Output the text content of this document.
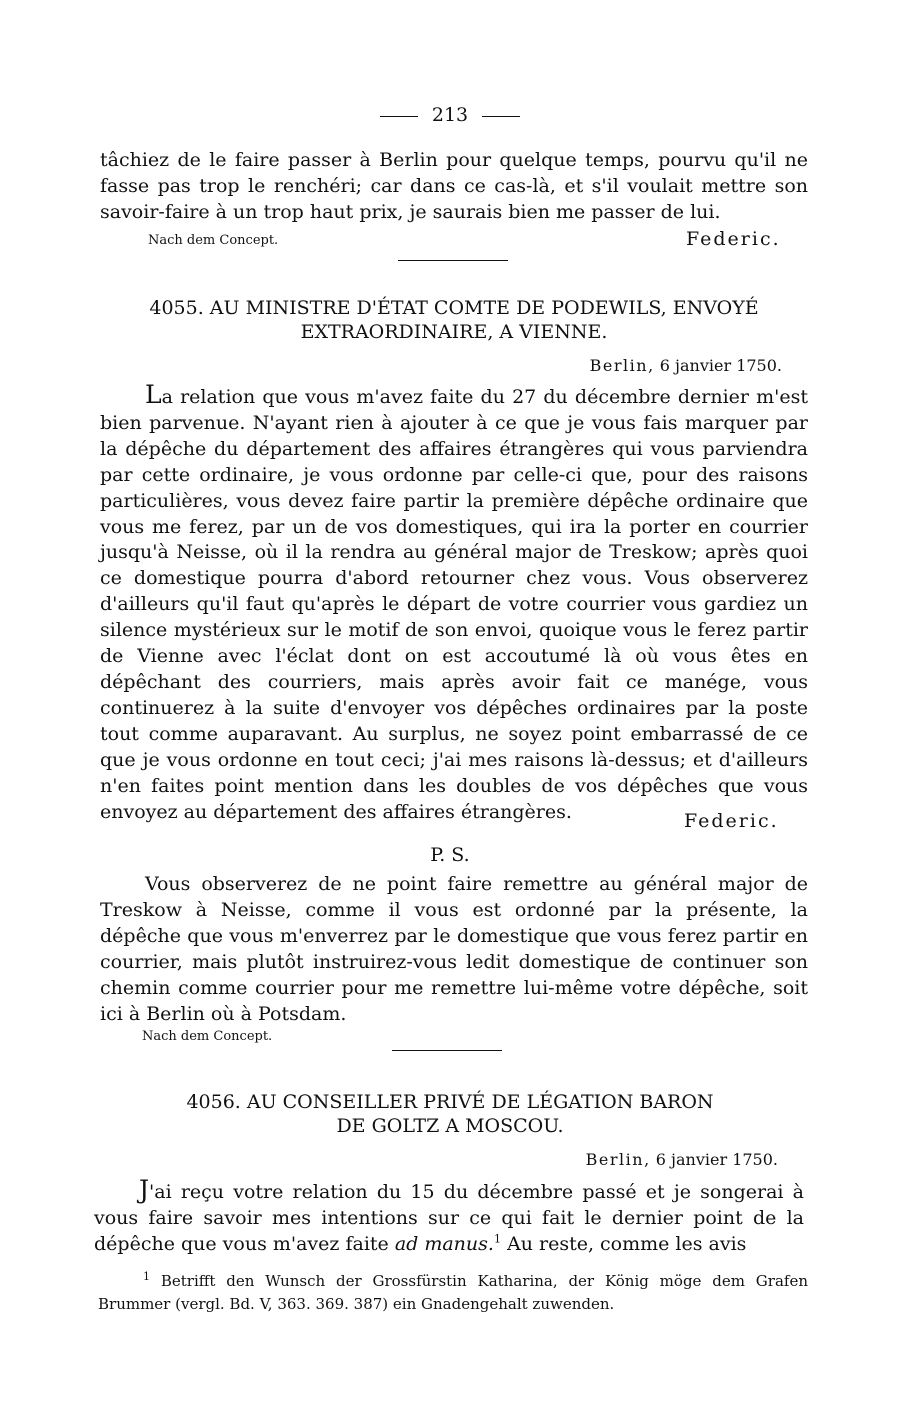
213
tâchiez de le faire passer à Berlin pour quelque temps, pourvu qu'il ne fasse pas trop le renchéri; car dans ce cas-là, et s'il voulait mettre son savoir-faire à un trop haut prix, je saurais bien me passer de lui.
Nach dem Concept.	Federic.
4055. AU MINISTRE D'ÉTAT COMTE DE PODEWILS, ENVOYÉ
EXTRAORDINAIRE, A VIENNE.
Berlin, 6 janvier 1750.
La relation que vous m'avez faite du 27 du décembre dernier m'est bien parvenue. N'ayant rien à ajouter à ce que je vous fais marquer par la dépêche du département des affaires étrangères qui vous parviendra par cette ordinaire, je vous ordonne par celle-ci que, pour des raisons particulières, vous devez faire partir la première dépêche ordinaire que vous me ferez, par un de vos domestiques, qui ira la porter en courrier jusqu'à Neisse, où il la rendra au général major de Treskow; après quoi ce domestique pourra d'abord retourner chez vous. Vous observerez d'ailleurs qu'il faut qu'après le départ de votre courrier vous gardiez un silence mystérieux sur le motif de son envoi, quoique vous le ferez partir de Vienne avec l'éclat dont on est accoutumé là où vous êtes en dépêchant des courriers, mais après avoir fait ce manége, vous continuerez à la suite d'envoyer vos dépêches ordinaires par la poste tout comme auparavant. Au surplus, ne soyez point embarrassé de ce que je vous ordonne en tout ceci; j'ai mes raisons là-dessus; et d'ailleurs n'en faites point mention dans les doubles de vos dépêches que vous envoyez au département des affaires étrangères.	Federic.
P. S.
Vous observerez de ne point faire remettre au général major de Treskow à Neisse, comme il vous est ordonné par la présente, la dépêche que vous m'enverrez par le domestique que vous ferez partir en courrier, mais plutôt instruirez-vous ledit domestique de continuer son chemin comme courrier pour me remettre lui-même votre dépêche, soit ici à Berlin où à Potsdam.
Nach dem Concept.
4056. AU CONSEILLER PRIVÉ DE LÉGATION BARON
DE GOLTZ A MOSCOU.
Berlin, 6 janvier 1750.
J'ai reçu votre relation du 15 du décembre passé et je songerai à vous faire savoir mes intentions sur ce qui fait le dernier point de la dépêche que vous m'avez faite ad manus.$^1$ Au reste, comme les avis
$^1$ Betrifft den Wunsch der Grossfürstin Katharina, der König möge dem Grafen Brummer (vergl. Bd. V, 363. 369. 387) ein Gnadengehalt zuwenden.
